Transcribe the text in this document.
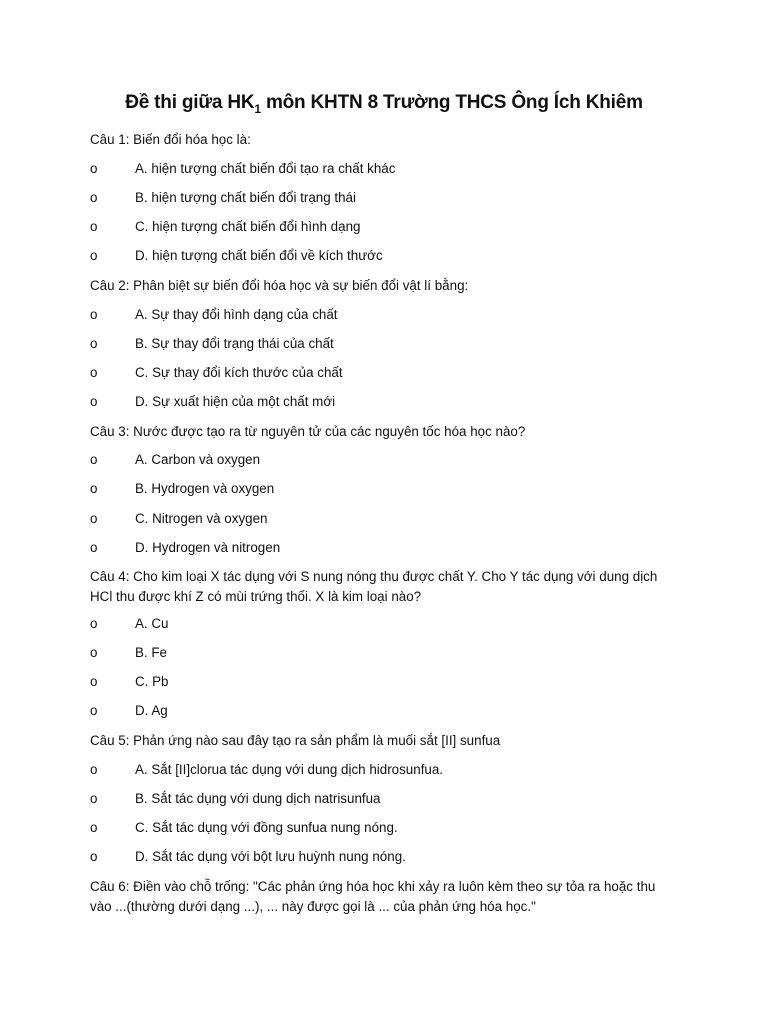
Đề thi giữa $HK_1$ môn KHTN 8 Trường THCS Ông Ích Khiêm

Câu 1: Biến đổi hóa học là:

o	A. hiện tượng chất biến đổi tạo ra chất khác
o	B. hiện tượng chất biến đổi trạng thái
o	C. hiện tượng chất biến đổi hình dạng
o	D. hiện tượng chất biến đổi về kích thước

Câu 2: Phân biệt sự biến đổi hóa học và sự biến đổi vật lí bằng:

o	A. Sự thay đổi hình dạng của chất
o	B. Sự thay đổi trạng thái của chất
o	C. Sự thay đổi kích thước của chất
o	D. Sự xuất hiện của một chất mới

Câu 3: Nước được tạo ra từ nguyên tử của các nguyên tốc hóa học nào?

o	A. Carbon và oxygen
o	B. Hydrogen và oxygen
o	C. Nitrogen và oxygen
o	D. Hydrogen và nitrogen

Câu 4: Cho kim loại X tác dụng với S nung nóng thu được chất Y. Cho Y tác dụng với dung dịch HCl thu được khí Z có mùi trứng thối. X là kim loại nào?

o	A. Cu
o	B. Fe
o	C. Pb
o	D. Ag

Câu 5: Phản ứng nào sau đây tạo ra sản phẩm là muối sắt [II] sunfua

o	A. Sắt [II]clorua tác dụng với dung dịch hidrosunfua.
o	B. Sắt tác dụng với dung dịch natrisunfua
o	C. Sắt tác dụng với đồng sunfua nung nóng.
o	D. Sắt tác dụng với bột lưu huỳnh nung nóng.

Câu 6: Điền vào chỗ trống: "Các phản ứng hóa học khi xảy ra luôn kèm theo sự tỏa ra hoặc thu vào ...(thường dưới dạng ...), ... này được gọi là ... của phản ứng hóa học."
